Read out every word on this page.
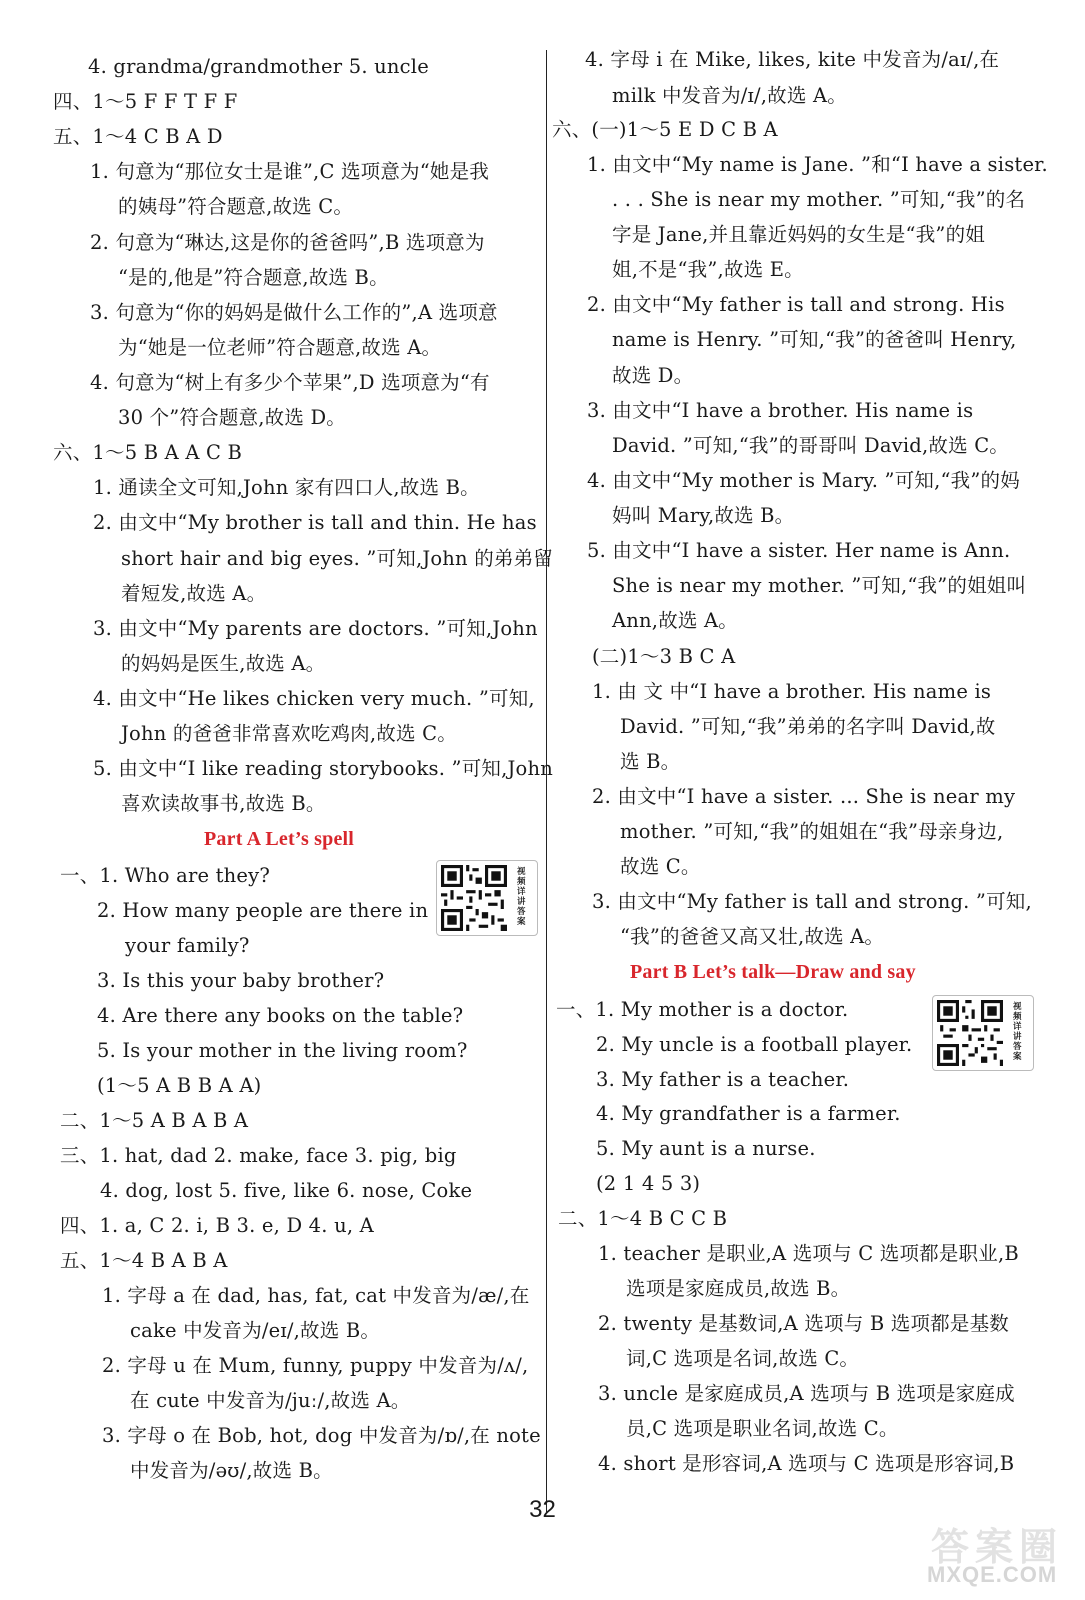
4. grandma/grandmother 5. uncle
四、1～5 F F T F F
五、1～4 C B A D
1. 句意为“那位女士是谁”,C 选项意为“她是我
的姨母”符合题意,故选 C。
2. 句意为“琳达,这是你的爸爸吗”,B 选项意为
“是的,他是”符合题意,故选 B。
3. 句意为“你的妈妈是做什么工作的”,A 选项意
为“她是一位老师”符合题意,故选 A。
4. 句意为“树上有多少个苹果”,D 选项意为“有
30 个”符合题意,故选 D。
六、1～5 B A A C B
1. 通读全文可知,John 家有四口人,故选 B。
2. 由文中“My brother is tall and thin. He has
short hair and big eyes. ”可知,John 的弟弟留
着短发,故选 A。
3. 由文中“My parents are doctors. ”可知,John
的妈妈是医生,故选 A。
4. 由文中“He likes chicken very much. ”可知,
John 的爸爸非常喜欢吃鸡肉,故选 C。
5. 由文中“I like reading storybooks. ”可知,John
喜欢读故事书,故选 B。
Part A Let’s spell
一、1. Who are they?
2. How many people are there in
your family?
3. Is this your baby brother?
4. Are there any books on the table?
5. Is your mother in the living room?
(1～5 A B B A A)
二、1～5 A B A B A
三、1. hat, dad 2. make, face 3. pig, big
4. dog, lost 5. five, like 6. nose, Coke
四、1. a, C 2. i, B 3. e, D 4. u, A
五、1～4 B A B A
1. 字母 a 在 dad, has, fat, cat 中发音为/æ/,在
cake 中发音为/eɪ/,故选 B。
2. 字母 u 在 Mum, funny, puppy 中发音为/ʌ/,
在 cute 中发音为/juː/,故选 A。
3. 字母 o 在 Bob, hot, dog 中发音为/ɒ/,在 note
中发音为/əʊ/,故选 B。
视频详讲答案
4. 字母 i 在 Mike, likes, kite 中发音为/aɪ/,在
milk 中发音为/ɪ/,故选 A。
六、(一)1～5 E D C B A
1. 由文中“My name is Jane. ”和“I have a sister.
. . . She is near my mother. ”可知,“我”的名
字是 Jane,并且靠近妈妈的女生是“我”的姐
姐,不是“我”,故选 E。
2. 由文中“My father is tall and strong. His
name is Henry. ”可知,“我”的爸爸叫 Henry,
故选 D。
3. 由文中“I have a brother. His name is
David. ”可知,“我”的哥哥叫 David,故选 C。
4. 由文中“My mother is Mary. ”可知,“我”的妈
妈叫 Mary,故选 B。
5. 由文中“I have a sister. Her name is Ann.
She is near my mother. ”可知,“我”的姐姐叫
Ann,故选 A。
(二)1～3 B C A
1. 由 文 中“I have a brother. His name is
David. ”可知,“我”弟弟的名字叫 David,故
选 B。
2. 由文中“I have a sister. ... She is near my
mother. ”可知,“我”的姐姐在“我”母亲身边,
故选 C。
3. 由文中“My father is tall and strong. ”可知,
“我”的爸爸又高又壮,故选 A。
Part B Let’s talk—Draw and say
一、1. My mother is a doctor.
2. My uncle is a football player.
3. My father is a teacher.
4. My grandfather is a farmer.
5. My aunt is a nurse.
(2 1 4 5 3)
二、1～4 B C C B
1. teacher 是职业,A 选项与 C 选项都是职业,B
选项是家庭成员,故选 B。
2. twenty 是基数词,A 选项与 B 选项都是基数
词,C 选项是名词,故选 C。
3. uncle 是家庭成员,A 选项与 B 选项是家庭成
员,C 选项是职业名词,故选 C。
4. short 是形容词,A 选项与 C 选项是形容词,B
视频详讲答案
32
答案圈
MXQE.COM
